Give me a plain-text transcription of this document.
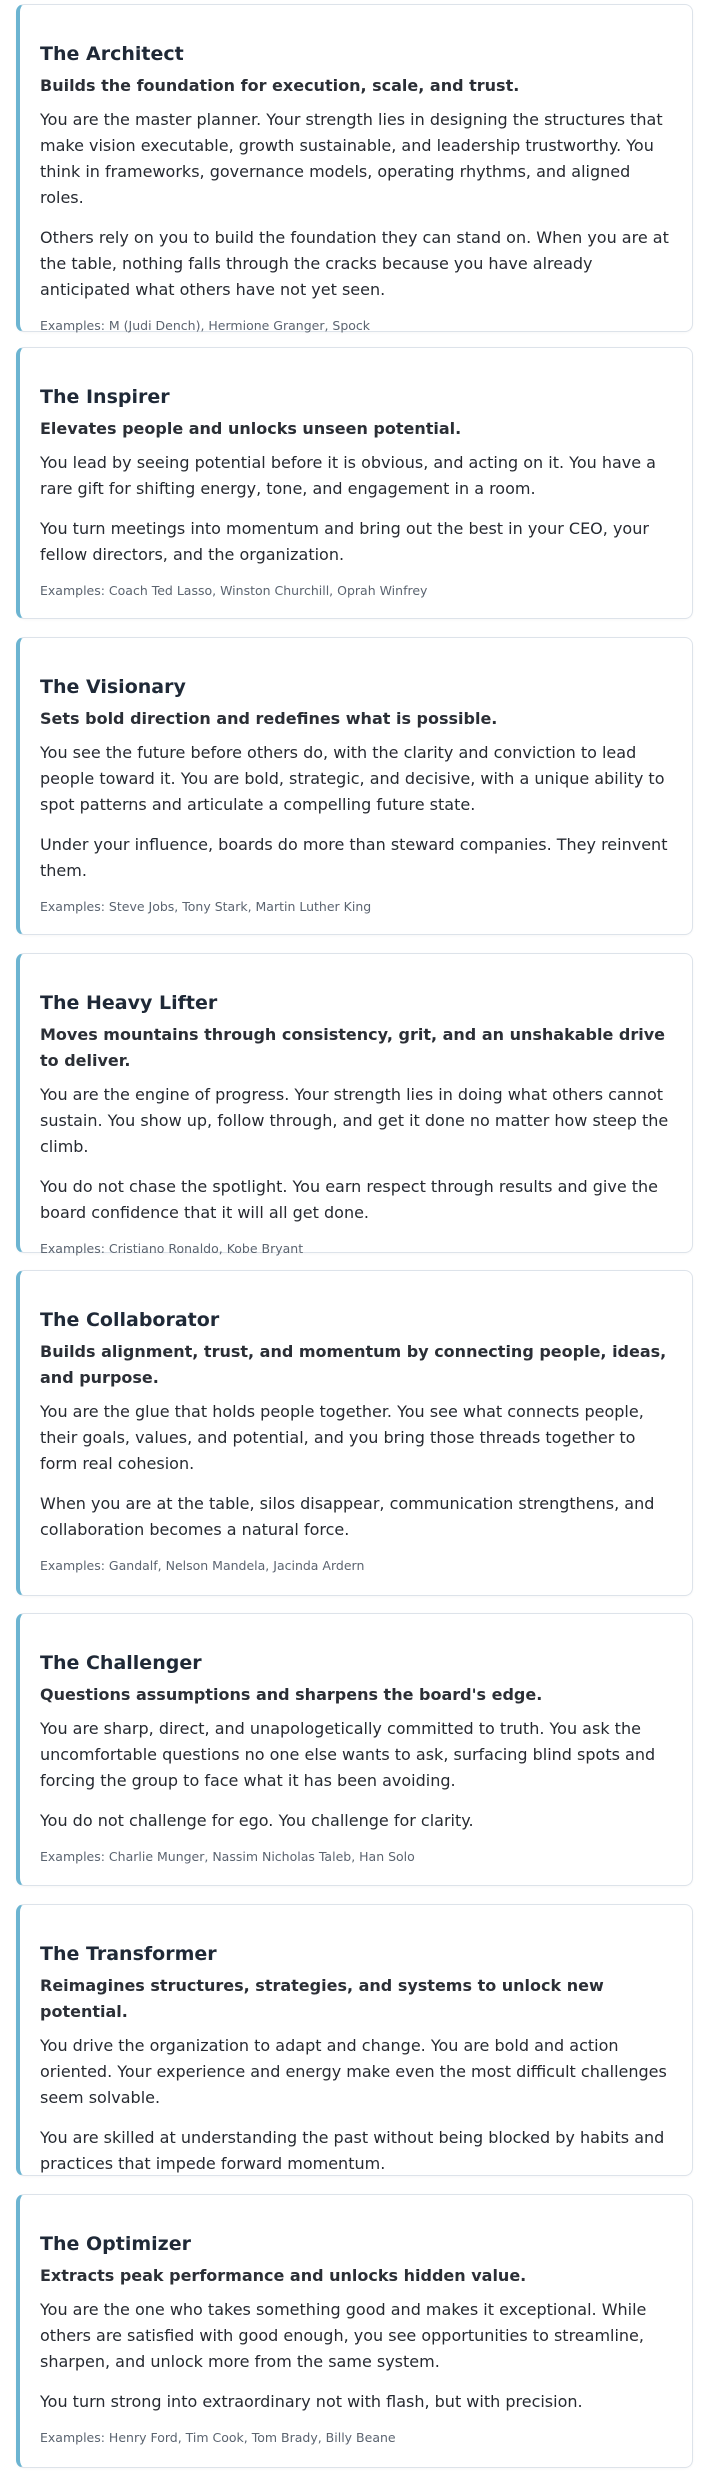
The Architect

Builds the foundation for execution, scale, and trust.

You are the master planner. Your strength lies in designing the structures that make vision executable, growth sustainable, and leadership trustworthy. You think in frameworks, governance models, operating rhythms, and aligned roles.

Others rely on you to build the foundation they can stand on. When you are at the table, nothing falls through the cracks because you have already anticipated what others have not yet seen.

Examples: M (Judi Dench), Hermione Granger, Spock

The Inspirer

Elevates people and unlocks unseen potential.

You lead by seeing potential before it is obvious, and acting on it. You have a rare gift for shifting energy, tone, and engagement in a room.

You turn meetings into momentum and bring out the best in your CEO, your fellow directors, and the organization.

Examples: Coach Ted Lasso, Winston Churchill, Oprah Winfrey

The Visionary

Sets bold direction and redefines what is possible.

You see the future before others do, with the clarity and conviction to lead people toward it. You are bold, strategic, and decisive, with a unique ability to spot patterns and articulate a compelling future state.

Under your influence, boards do more than steward companies. They reinvent them.

Examples: Steve Jobs, Tony Stark, Martin Luther King

The Heavy Lifter

Moves mountains through consistency, grit, and an unshakable drive to deliver.

You are the engine of progress. Your strength lies in doing what others cannot sustain. You show up, follow through, and get it done no matter how steep the climb.

You do not chase the spotlight. You earn respect through results and give the board confidence that it will all get done.

Examples: Cristiano Ronaldo, Kobe Bryant

The Collaborator

Builds alignment, trust, and momentum by connecting people, ideas, and purpose.

You are the glue that holds people together. You see what connects people, their goals, values, and potential, and you bring those threads together to form real cohesion.

When you are at the table, silos disappear, communication strengthens, and collaboration becomes a natural force.

Examples: Gandalf, Nelson Mandela, Jacinda Ardern

The Challenger

Questions assumptions and sharpens the board's edge.

You are sharp, direct, and unapologetically committed to truth. You ask the uncomfortable questions no one else wants to ask, surfacing blind spots and forcing the group to face what it has been avoiding.

You do not challenge for ego. You challenge for clarity.

Examples: Charlie Munger, Nassim Nicholas Taleb, Han Solo

The Transformer

Reimagines structures, strategies, and systems to unlock new potential.

You drive the organization to adapt and change. You are bold and action oriented. Your experience and energy make even the most difficult challenges seem solvable.

You are skilled at understanding the past without being blocked by habits and practices that impede forward momentum.

The Optimizer

Extracts peak performance and unlocks hidden value.

You are the one who takes something good and makes it exceptional. While others are satisfied with good enough, you see opportunities to streamline, sharpen, and unlock more from the same system.

You turn strong into extraordinary not with flash, but with precision.

Examples: Henry Ford, Tim Cook, Tom Brady, Billy Beane
